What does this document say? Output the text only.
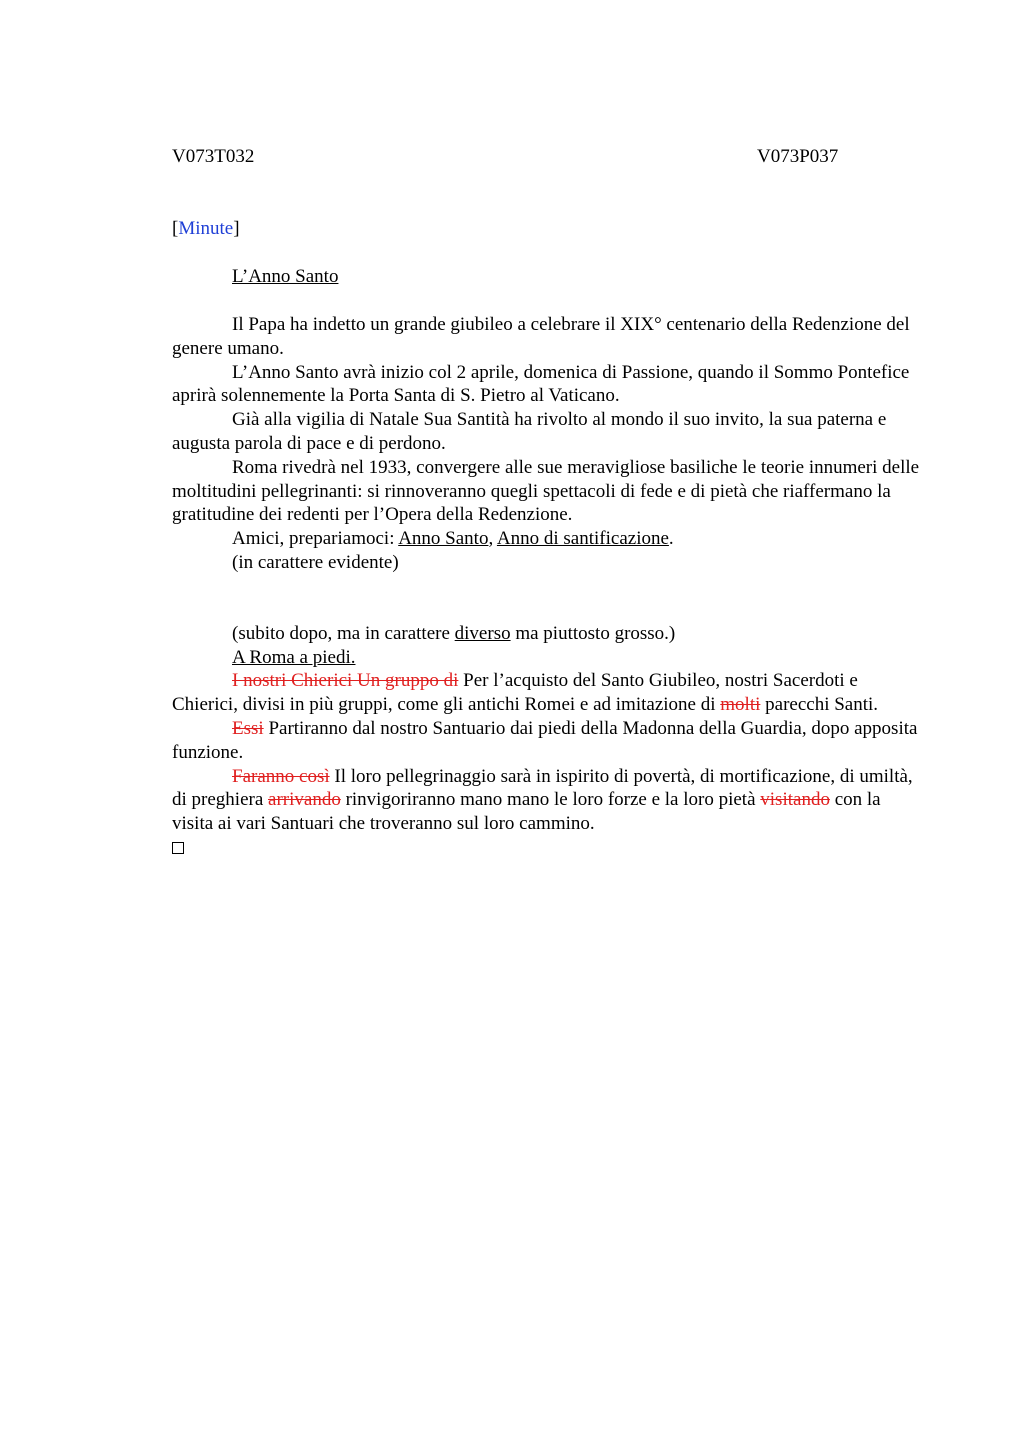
V073T032	V073P037
[Minute]
L’Anno Santo

Il Papa ha indetto un grande giubileo a celebrare il XIX° centenario della Redenzione del genere umano.

L’Anno Santo avrà inizio col 2 aprile, domenica di Passione, quando il Sommo Pontefice aprirà solennemente la Porta Santa di S. Pietro al Vaticano.

Già alla vigilia di Natale Sua Santità ha rivolto al mondo il suo invito, la sua paterna e augusta parola di pace e di perdono.

Roma rivedrà nel 1933, convergere alle sue meravigliose basiliche le teorie innumeri delle moltitudini pellegrinanti: si rinnoveranno quegli spettacoli di fede e di pietà che riaffermano la gratitudine dei redenti per l’Opera della Redenzione.

Amici, prepariamoci: Anno Santo, Anno di santificazione.

(in carattere evidente)

(subito dopo, ma in carattere diverso ma piuttosto grosso.)

A Roma a piedi.

I nostri Chierici Un gruppo di Per l’acquisto del Santo Giubileo, nostri Sacerdoti e Chierici, divisi in più gruppi, come gli antichi Romei e ad imitazione di molti parecchi Santi.

Essi Partiranno dal nostro Santuario dai piedi della Madonna della Guardia, dopo apposita funzione.

Faranno così Il loro pellegrinaggio sarà in ispirito di povertà, di mortificazione, di umiltà, di preghiera arrivando rinvigoriranno mano mano le loro forze e la loro pietà visitando con la visita ai vari Santuari che troveranno sul loro cammino.
